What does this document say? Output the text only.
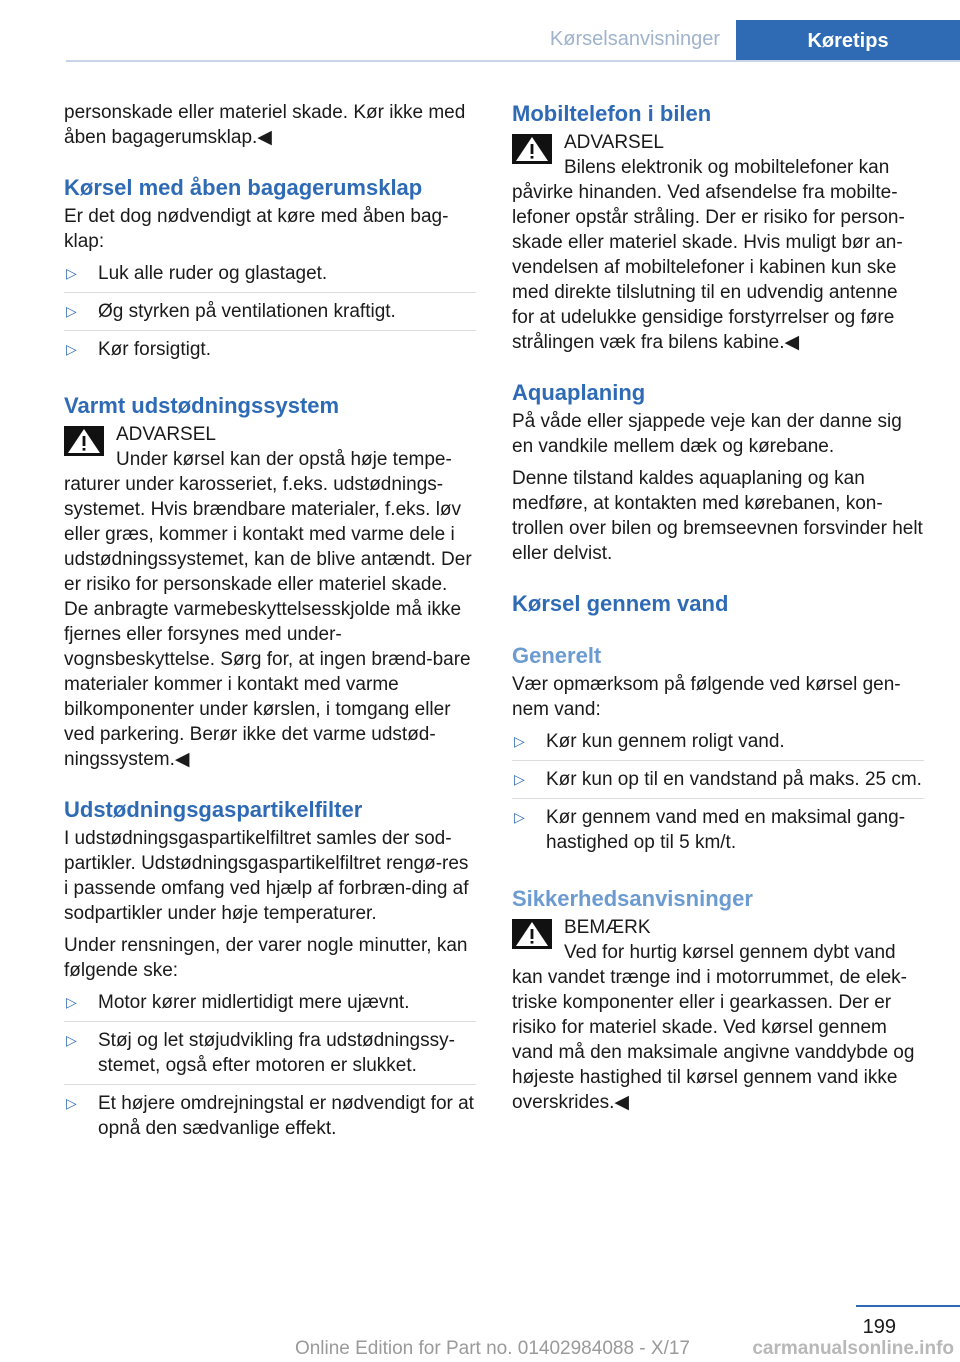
Kørselsanvisninger	Køretips

personskade eller materiel skade. Kør ikke med åben bagagerumsklap.◀

Kørsel med åben bagagerumsklap

Er det dog nødvendigt at køre med åben bag-klap:

▷ Luk alle ruder og glastaget.
▷ Øg styrken på ventilationen kraftigt.
▷ Kør forsigtigt.
Varmt udstødningssystem

ADVARSEL

Under kørsel kan der opstå høje tempe-raturer under karosseriet, f.eks. udstødnings-systemet. Hvis brændbare materialer, f.eks. løv eller græs, kommer i kontakt med varme dele i udstødningssystemet, kan de blive antændt. Der er risiko for personskade eller materiel skade. De anbragte varmebeskyttelsesskjolde må ikke fjernes eller forsynes med under-vognsbeskyttelse. Sørg for, at ingen brænd-bare materialer kommer i kontakt med varme bilkomponenter under kørslen, i tomgang eller ved parkering. Berør ikke det varme udstød-ningssystem.◀

Udstødningsgaspartikelfilter

I udstødningsgaspartikelfiltret samles der sod-partikler. Udstødningsgaspartikelfiltret rengø-res i passende omfang ved hjælp af forbræn-ding af sodpartikler under høje temperaturer.

Under rensningen, der varer nogle minutter, kan følgende ske:

▷ Motor kører midlertidigt mere ujævnt.
▷ Støj og let støjudvikling fra udstødningssy-stemet, også efter motoren er slukket.
▷ Et højere omdrejningstal er nødvendigt for at opnå den sædvanlige effekt.
Mobiltelefon i bilen

ADVARSEL

Bilens elektronik og mobiltelefoner kan påvirke hinanden. Ved afsendelse fra mobilte-lefoner opstår stråling. Der er risiko for person-skade eller materiel skade. Hvis muligt bør an-vendelsen af mobiltelefoner i kabinen kun ske med direkte tilslutning til en udvendig antenne for at udelukke gensidige forstyrrelser og føre strålingen væk fra bilens kabine.◀

Aquaplaning

På våde eller sjappede veje kan der danne sig en vandkile mellem dæk og kørebane.

Denne tilstand kaldes aquaplaning og kan medføre, at kontakten med kørebanen, kon-trollen over bilen og bremseevnen forsvinder helt eller delvist.

Kørsel gennem vand
Generelt

Vær opmærksom på følgende ved kørsel gen-nem vand:

▷ Kør kun gennem roligt vand.
▷ Kør kun op til en vandstand på maks. 25 cm.
▷ Kør gennem vand med en maksimal gang-hastighed op til 5 km/t.
Sikkerhedsanvisninger

BEMÆRK

Ved for hurtig kørsel gennem dybt vand kan vandet trænge ind i motorrummet, de elek-triske komponenter eller i gearkassen. Der er risiko for materiel skade. Ved kørsel gennem vand må den maksimale angivne vanddybde og højeste hastighed til kørsel gennem vand ikke overskrides.◀

199
Online Edition for Part no. 01402984088 - X/17	carmanualsonline.info
